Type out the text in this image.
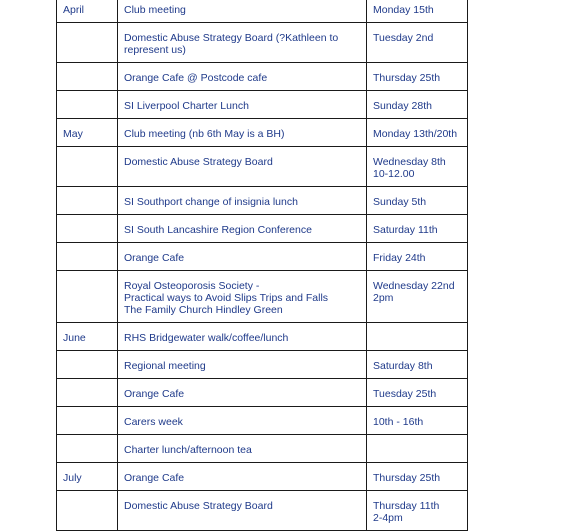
April	Club meeting	Monday 15th
	Domestic Abuse Strategy Board (?Kathleen to
represent us)	Tuesday 2nd
	Orange Cafe @ Postcode cafe	Thursday 25th
	SI Liverpool Charter Lunch	Sunday 28th
May	Club meeting (nb 6th May is a BH)	Monday 13th/20th
	Domestic Abuse Strategy Board	Wednesday 8th
10-12.00
	SI Southport change of insignia lunch	Sunday 5th
	SI South Lancashire Region Conference	Saturday 11th
	Orange Cafe	Friday 24th
	Royal Osteoporosis Society -
Practical ways to Avoid Slips Trips and Falls
The Family Church Hindley Green	Wednesday 22nd
2pm
June	RHS Bridgewater walk/coffee/lunch	
	Regional meeting	Saturday 8th
	Orange Cafe	Tuesday 25th
	Carers week	10th - 16th
	Charter lunch/afternoon tea	
July	Orange Cafe	Thursday 25th
	Domestic Abuse Strategy Board	Thursday 11th
2-4pm
